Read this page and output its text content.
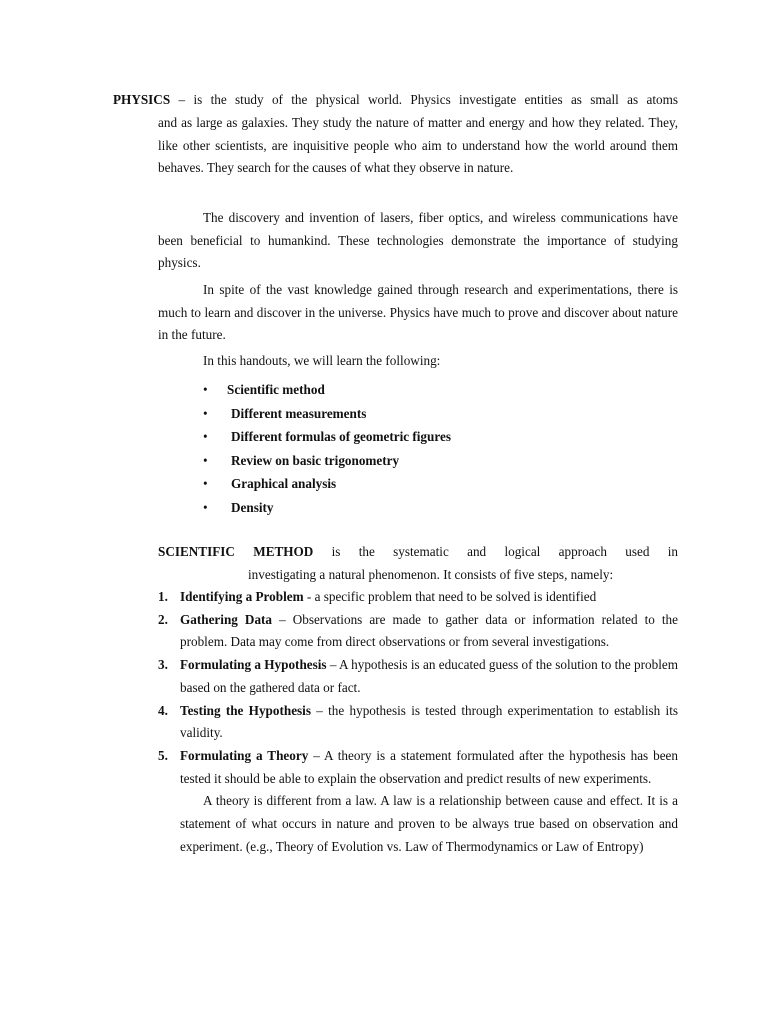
PHYSICS – is the study of the physical world. Physics investigate entities as small as atoms
and as large as galaxies. They study the nature of matter and energy and how they related. They, like other scientists, are inquisitive people who aim to understand how the world around them behaves. They search for the causes of what they observe in nature.
The discovery and invention of lasers, fiber optics, and wireless communications have been beneficial to humankind. These technologies demonstrate the importance of studying physics.
In spite of the vast knowledge gained through research and experimentations, there is much to learn and discover in the universe. Physics have much to prove and discover about nature in the future.
In this handouts, we will learn the following:
• Scientific method
• Different measurements
• Different formulas of geometric figures
• Review on basic trigonometry
• Graphical analysis
• Density
SCIENTIFIC METHOD is the systematic and logical approach used in
investigating a natural phenomenon. It consists of five steps, namely:
1. Identifying a Problem - a specific problem that need to be solved is identified
2. Gathering Data – Observations are made to gather data or information related to the problem. Data may come from direct observations or from several investigations.
3. Formulating a Hypothesis – A hypothesis is an educated guess of the solution to the problem based on the gathered data or fact.
4. Testing the Hypothesis – the hypothesis is tested through experimentation to establish its validity.
5. Formulating a Theory – A theory is a statement formulated after the hypothesis has been tested it should be able to explain the observation and predict results of new experiments.
A theory is different from a law. A law is a relationship between cause and effect. It is a statement of what occurs in nature and proven to be always true based on observation and experiment. (e.g., Theory of Evolution vs. Law of Thermodynamics or Law of Entropy)
